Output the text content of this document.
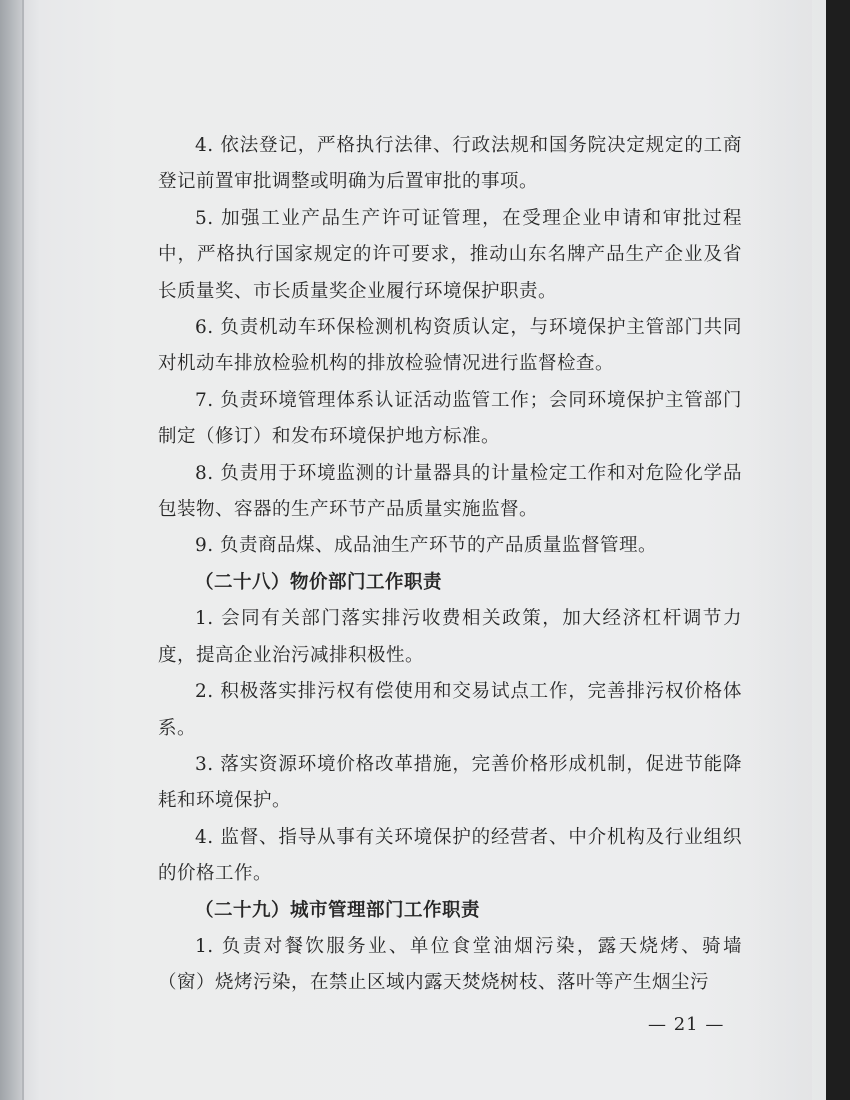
4. 依法登记，严格执行法律、行政法规和国务院决定规定的工商登记前置审批调整或明确为后置审批的事项。

5. 加强工业产品生产许可证管理，在受理企业申请和审批过程中，严格执行国家规定的许可要求，推动山东名牌产品生产企业及省长质量奖、市长质量奖企业履行环境保护职责。

6. 负责机动车环保检测机构资质认定，与环境保护主管部门共同对机动车排放检验机构的排放检验情况进行监督检查。

7. 负责环境管理体系认证活动监管工作；会同环境保护主管部门制定（修订）和发布环境保护地方标准。

8. 负责用于环境监测的计量器具的计量检定工作和对危险化学品包装物、容器的生产环节产品质量实施监督。

9. 负责商品煤、成品油生产环节的产品质量监督管理。

（二十八）物价部门工作职责

1. 会同有关部门落实排污收费相关政策，加大经济杠杆调节力度，提高企业治污减排积极性。

2. 积极落实排污权有偿使用和交易试点工作，完善排污权价格体系。

3. 落实资源环境价格改革措施，完善价格形成机制，促进节能降耗和环境保护。

4. 监督、指导从事有关环境保护的经营者、中介机构及行业组织的价格工作。

（二十九）城市管理部门工作职责

1. 负责对餐饮服务业、单位食堂油烟污染，露天烧烤、骑墙（窗）烧烤污染，在禁止区域内露天焚烧树枝、落叶等产生烟尘污

— 21 —
